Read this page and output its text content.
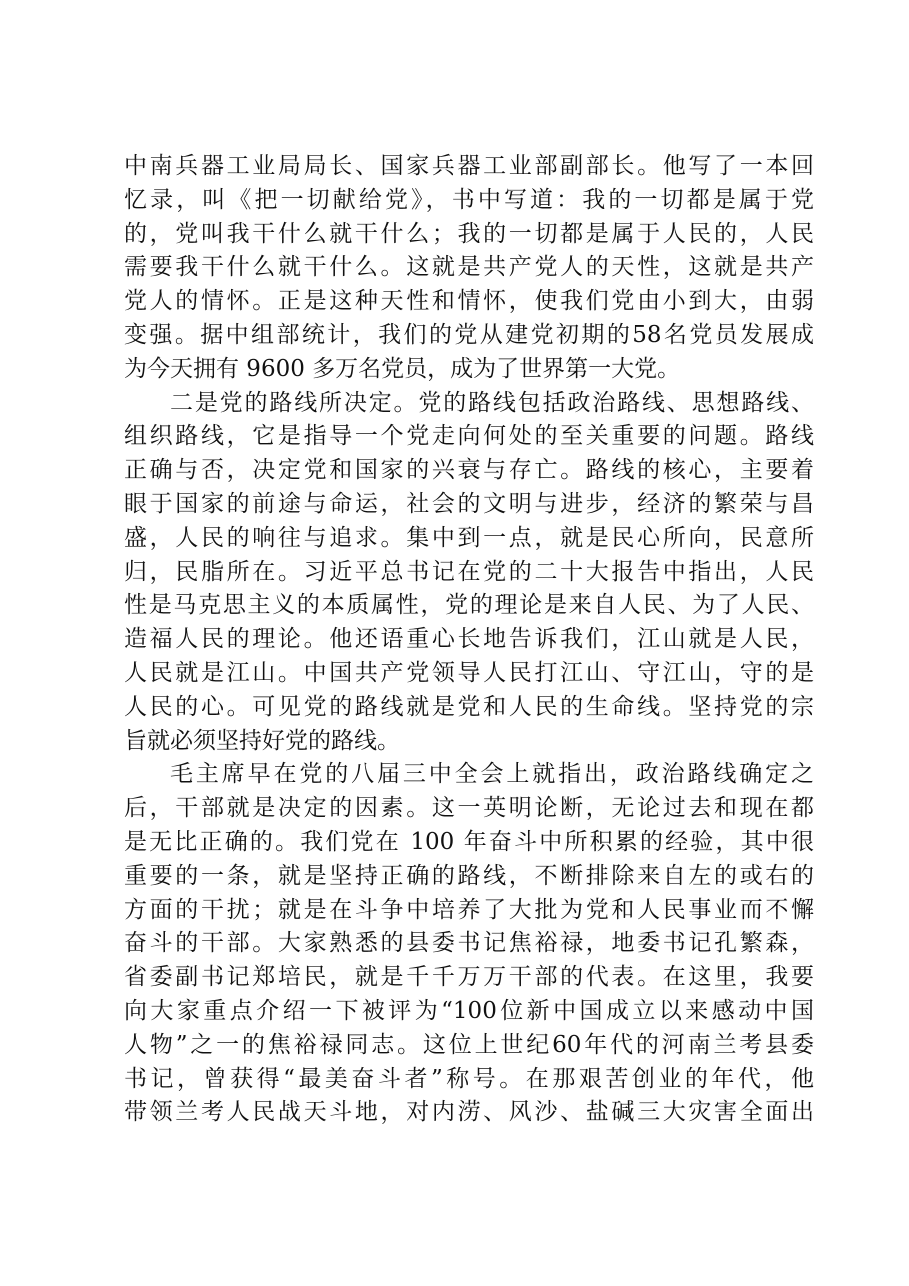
中南兵器工业局局长、国家兵器工业部副部长。他写了一本回
忆录，叫《把一切献给党》，书中写道：我的一切都是属于党
的，党叫我干什么就干什么；我的一切都是属于人民的，人民
需要我干什么就干什么。这就是共产党人的天性，这就是共产
党人的情怀。正是这种天性和情怀，使我们党由小到大，由弱
变强。据中组部统计，我们的党从建党初期的58名党员发展成
为今天拥有 9600 多万名党员，成为了世界第一大党。
二是党的路线所决定。党的路线包括政治路线、思想路线、
组织路线，它是指导一个党走向何处的至关重要的问题。路线
正确与否，决定党和国家的兴衰与存亡。路线的核心，主要着
眼于国家的前途与命运，社会的文明与进步，经济的繁荣与昌
盛，人民的响往与追求。集中到一点，就是民心所向，民意所
归，民脂所在。习近平总书记在党的二十大报告中指出，人民
性是马克思主义的本质属性，党的理论是来自人民、为了人民、
造福人民的理论。他还语重心长地告诉我们，江山就是人民，
人民就是江山。中国共产党领导人民打江山、守江山，守的是
人民的心。可见党的路线就是党和人民的生命线。坚持党的宗
旨就必须坚持好党的路线。
毛主席早在党的八届三中全会上就指出，政治路线确定之
后，干部就是决定的因素。这一英明论断，无论过去和现在都
是无比正确的。我们党在 100 年奋斗中所积累的经验，其中很
重要的一条，就是坚持正确的路线，不断排除来自左的或右的
方面的干扰；就是在斗争中培养了大批为党和人民事业而不懈
奋斗的干部。大家熟悉的县委书记焦裕禄，地委书记孔繁森，
省委副书记郑培民，就是千千万万干部的代表。在这里，我要
向大家重点介绍一下被评为“100位新中国成立以来感动中国
人物”之一的焦裕禄同志。这位上世纪60年代的河南兰考县委
书记，曾获得“最美奋斗者”称号。在那艰苦创业的年代，他
带领兰考人民战天斗地，对内涝、风沙、盐碱三大灾害全面出
